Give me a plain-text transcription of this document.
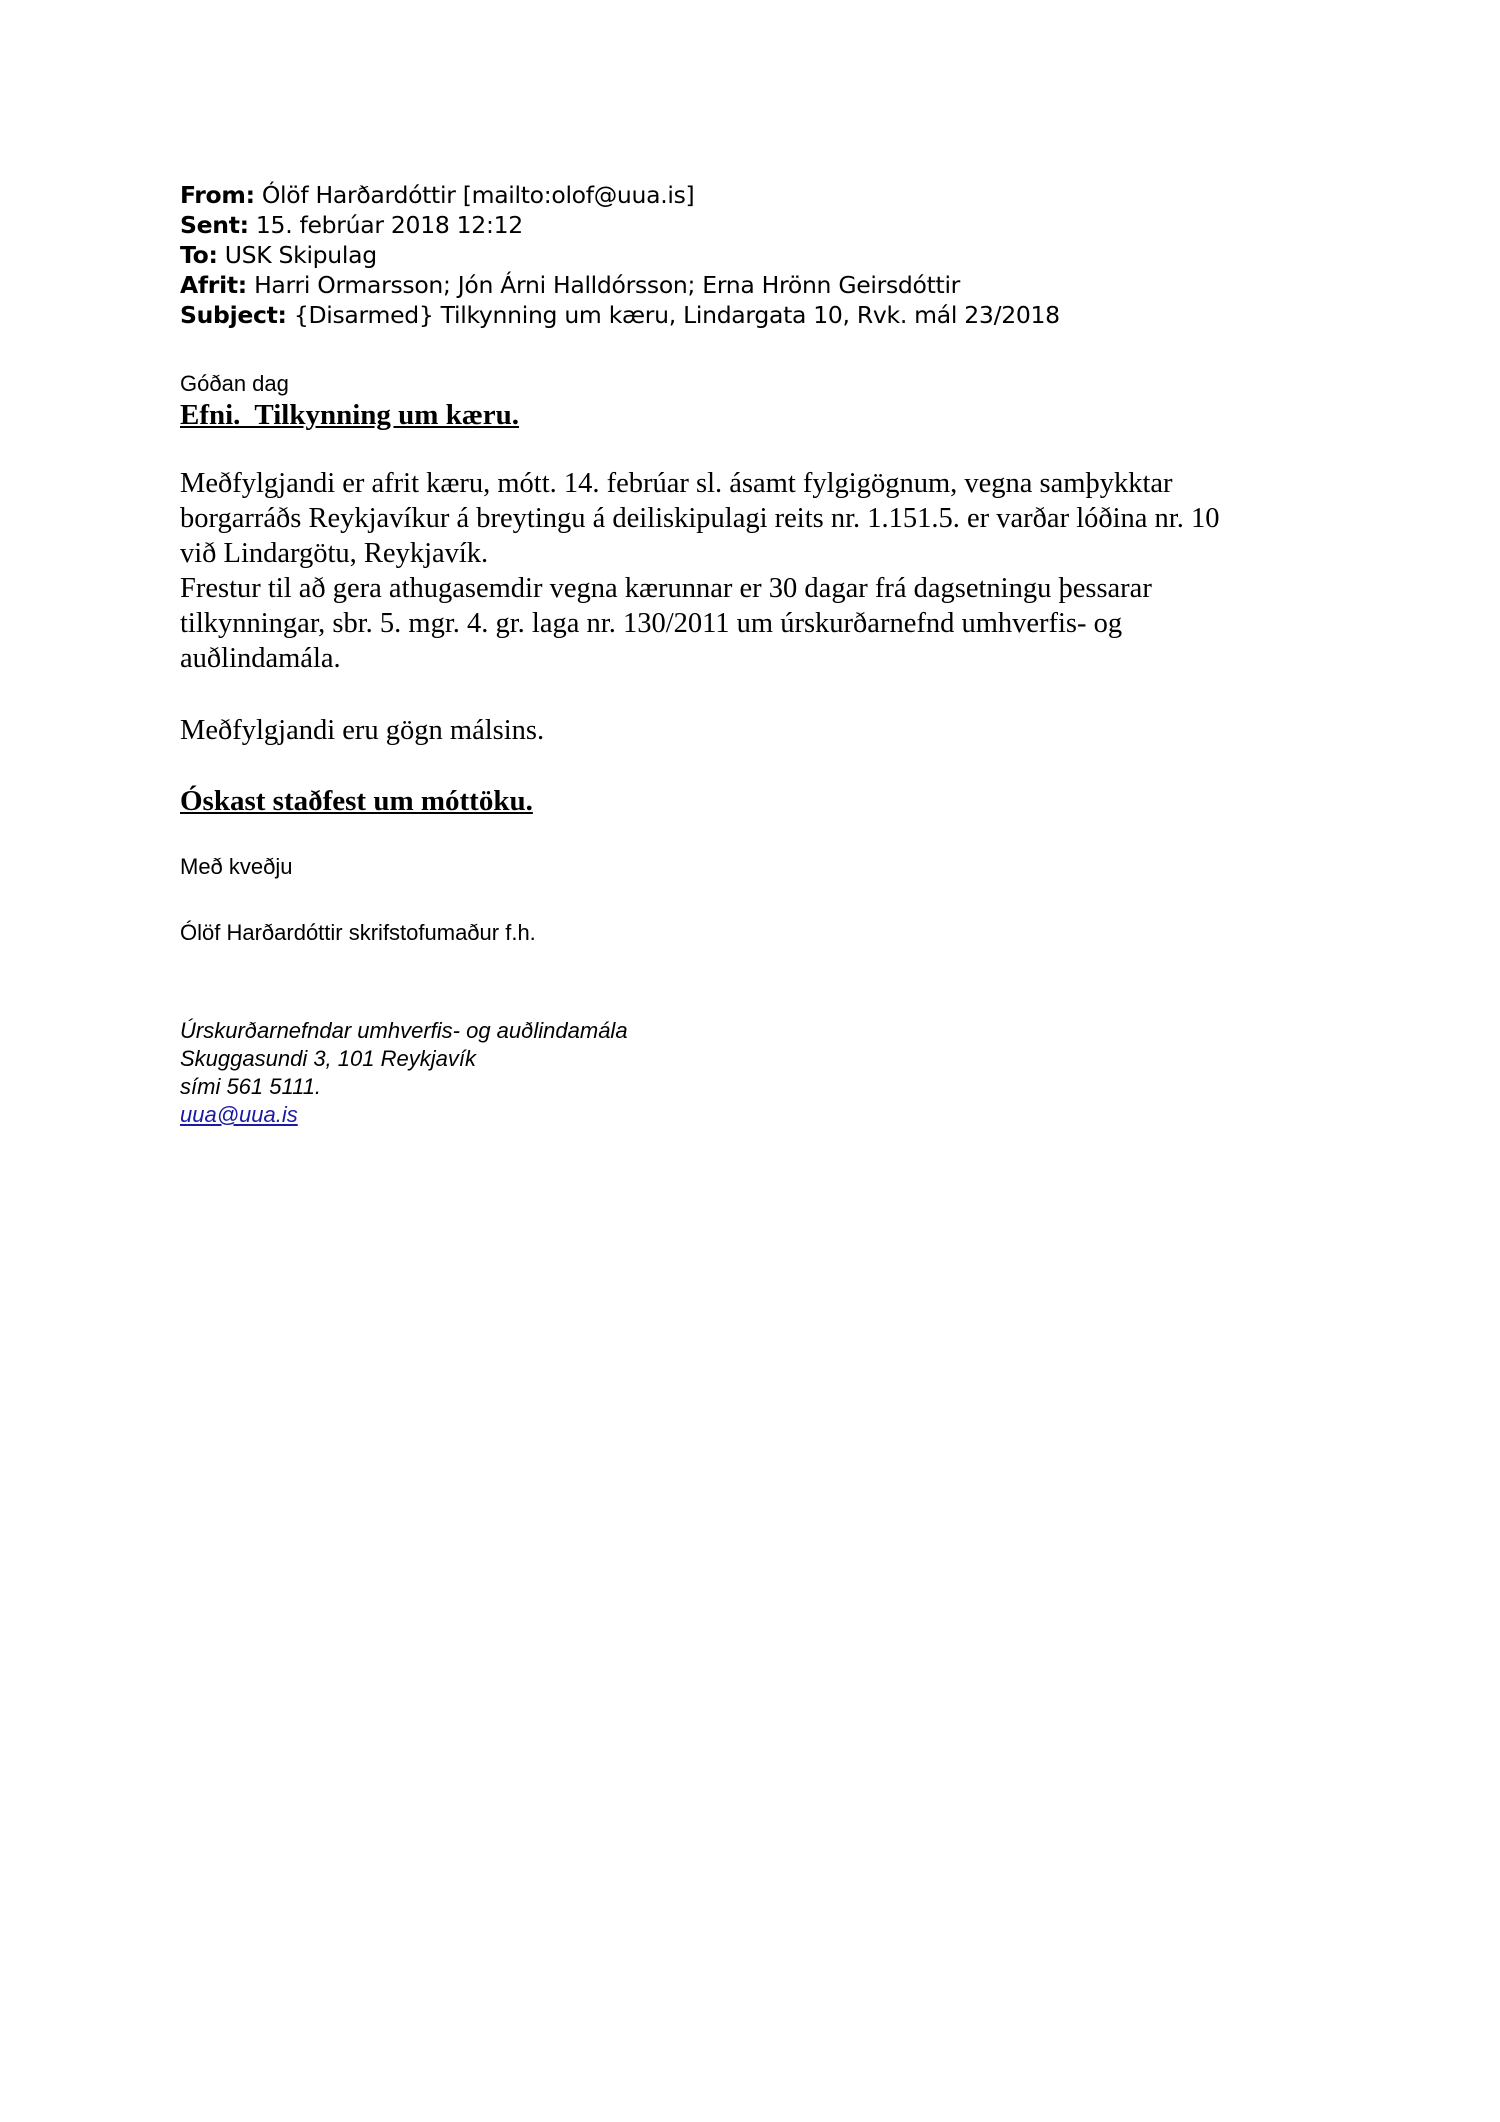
From: Ólöf Harðardóttir [mailto:olof@uua.is]
Sent: 15. febrúar 2018 12:12
To: USK Skipulag
Afrit: Harri Ormarsson; Jón Árni Halldórsson; Erna Hrönn Geirsdóttir
Subject: {Disarmed} Tilkynning um kæru, Lindargata 10, Rvk. mál 23/2018
Góðan dag
Efni.  Tilkynning um kæru.
Meðfylgjandi er afrit kæru, mótt. 14. febrúar sl. ásamt fylgigögnum, vegna samþykktar
borgarráðs Reykjavíkur á breytingu á deiliskipulagi reits nr. 1.151.5. er varðar lóðina nr. 10
við Lindargötu, Reykjavík.
Frestur til að gera athugasemdir vegna kærunnar er 30 dagar frá dagsetningu þessarar
tilkynningar, sbr. 5. mgr. 4. gr. laga nr. 130/2011 um úrskurðarnefnd umhverfis- og
auðlindamála.
Meðfylgjandi eru gögn málsins.
Óskast staðfest um móttöku.
Með kveðju
Ólöf Harðardóttir skrifstofumaður f.h.
Úrskurðarnefndar umhverfis- og auðlindamála
Skuggasundi 3, 101 Reykjavík
sími 561 5111.
uua@uua.is
